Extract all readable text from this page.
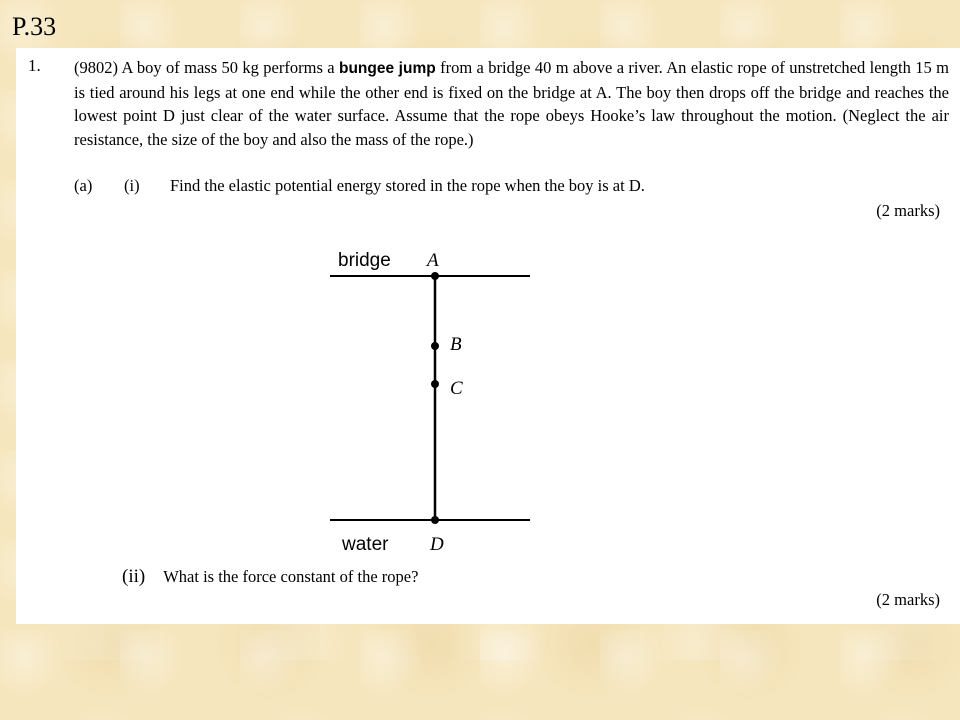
P.33
1. (9802) A boy of mass 50 kg performs a bungee jump from a bridge 40 m above a river. An elastic rope of unstretched length 15 m is tied around his legs at one end while the other end is fixed on the bridge at A. The boy then drops off the bridge and reaches the lowest point D just clear of the water surface. Assume that the rope obeys Hooke’s law throughout the motion. (Neglect the air resistance, the size of the boy and also the mass of the rope.)

(a) (i) Find the elastic potential energy stored in the rope when the boy is at D.
(2 marks)
bridge A
B
C
water D
(ii) What is the force constant of the rope?
(2 marks)
